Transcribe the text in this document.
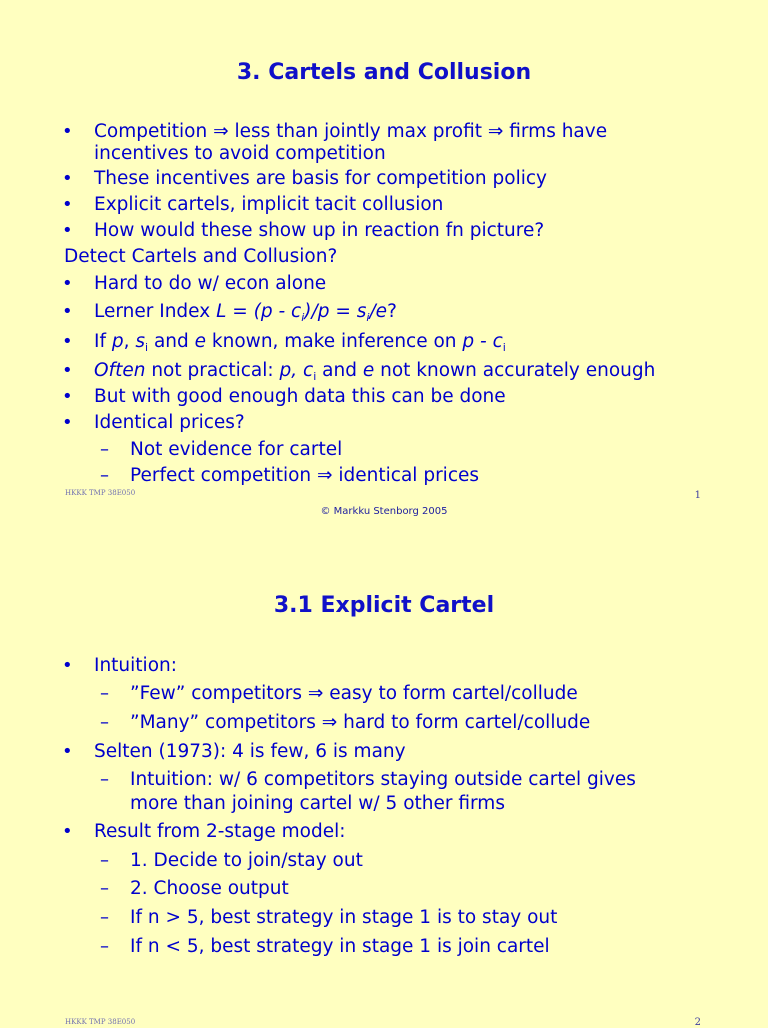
3. Cartels and Collusion
• Competition ⇒ less than jointly max profit ⇒ firms have
incentives to avoid competition
• These incentives are basis for competition policy
• Explicit cartels, implicit tacit collusion
• How would these show up in reaction fn picture?
Detect Cartels and Collusion?
• Hard to do w/ econ alone
• Lerner Index $L = (p - c_i)/p = s_i/e$?
• If p, $s_i$ and e known, make inference on p - $c_i$
• Often not practical: p, $c_i$ and e not known accurately enough
• But with good enough data this can be done
• Identical prices?
– Not evidence for cartel
– Perfect competition ⇒ identical prices
HKKK TMP 38E050	1
© Markku Stenborg 2005
3.1 Explicit Cartel
• Intuition:
– ”Few” competitors ⇒ easy to form cartel/collude
– ”Many” competitors ⇒ hard to form cartel/collude
• Selten (1973): 4 is few, 6 is many
– Intuition: w/ 6 competitors staying outside cartel gives
more than joining cartel w/ 5 other firms
• Result from 2-stage model:
– 1. Decide to join/stay out
– 2. Choose output
– If n > 5, best strategy in stage 1 is to stay out
– If n < 5, best strategy in stage 1 is join cartel
HKKK TMP 38E050	2
